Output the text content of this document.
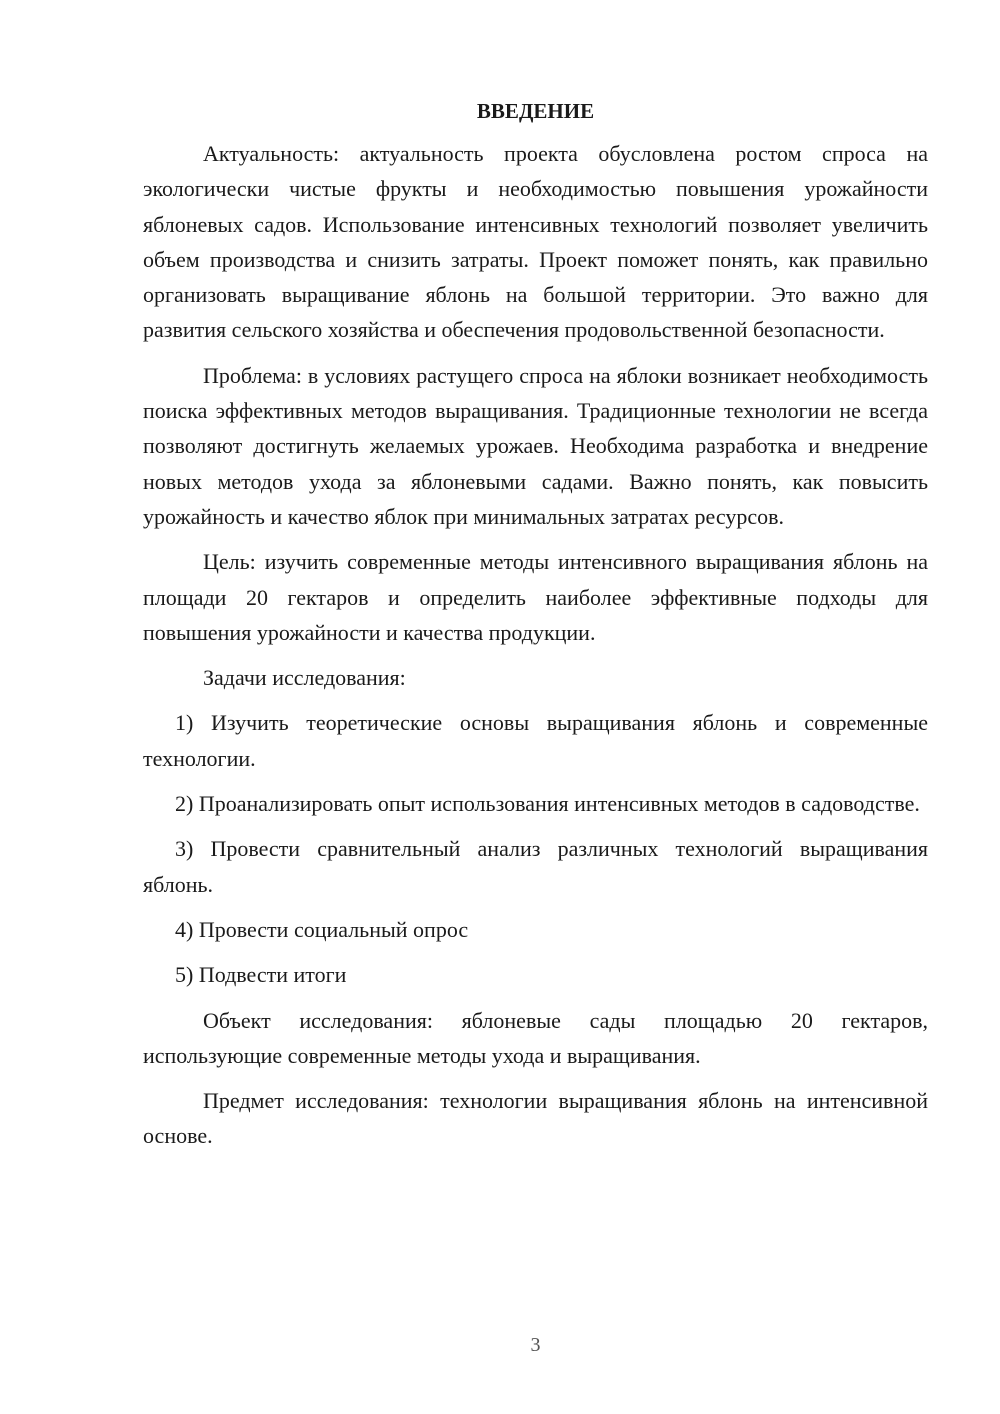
ВВЕДЕНИЕ
Актуальность: актуальность проекта обусловлена ростом спроса на экологически чистые фрукты и необходимостью повышения урожайности яблоневых садов. Использование интенсивных технологий позволяет увеличить объем производства и снизить затраты. Проект поможет понять, как правильно организовать выращивание яблонь на большой территории. Это важно для развития сельского хозяйства и обеспечения продовольственной безопасности.
Проблема: в условиях растущего спроса на яблоки возникает необходимость поиска эффективных методов выращивания. Традиционные технологии не всегда позволяют достигнуть желаемых урожаев. Необходима разработка и внедрение новых методов ухода за яблоневыми садами. Важно понять, как повысить урожайность и качество яблок при минимальных затратах ресурсов.
Цель: изучить современные методы интенсивного выращивания яблонь на площади 20 гектаров и определить наиболее эффективные подходы для повышения урожайности и качества продукции.
Задачи исследования:
1) Изучить теоретические основы выращивания яблонь и современные технологии.
2) Проанализировать опыт использования интенсивных методов в садоводстве.
3) Провести сравнительный анализ различных технологий выращивания яблонь.
4) Провести социальный опрос
5) Подвести итоги
Объект исследования: яблоневые сады площадью 20 гектаров, использующие современные методы ухода и выращивания.
Предмет исследования: технологии выращивания яблонь на интенсивной основе.
3
